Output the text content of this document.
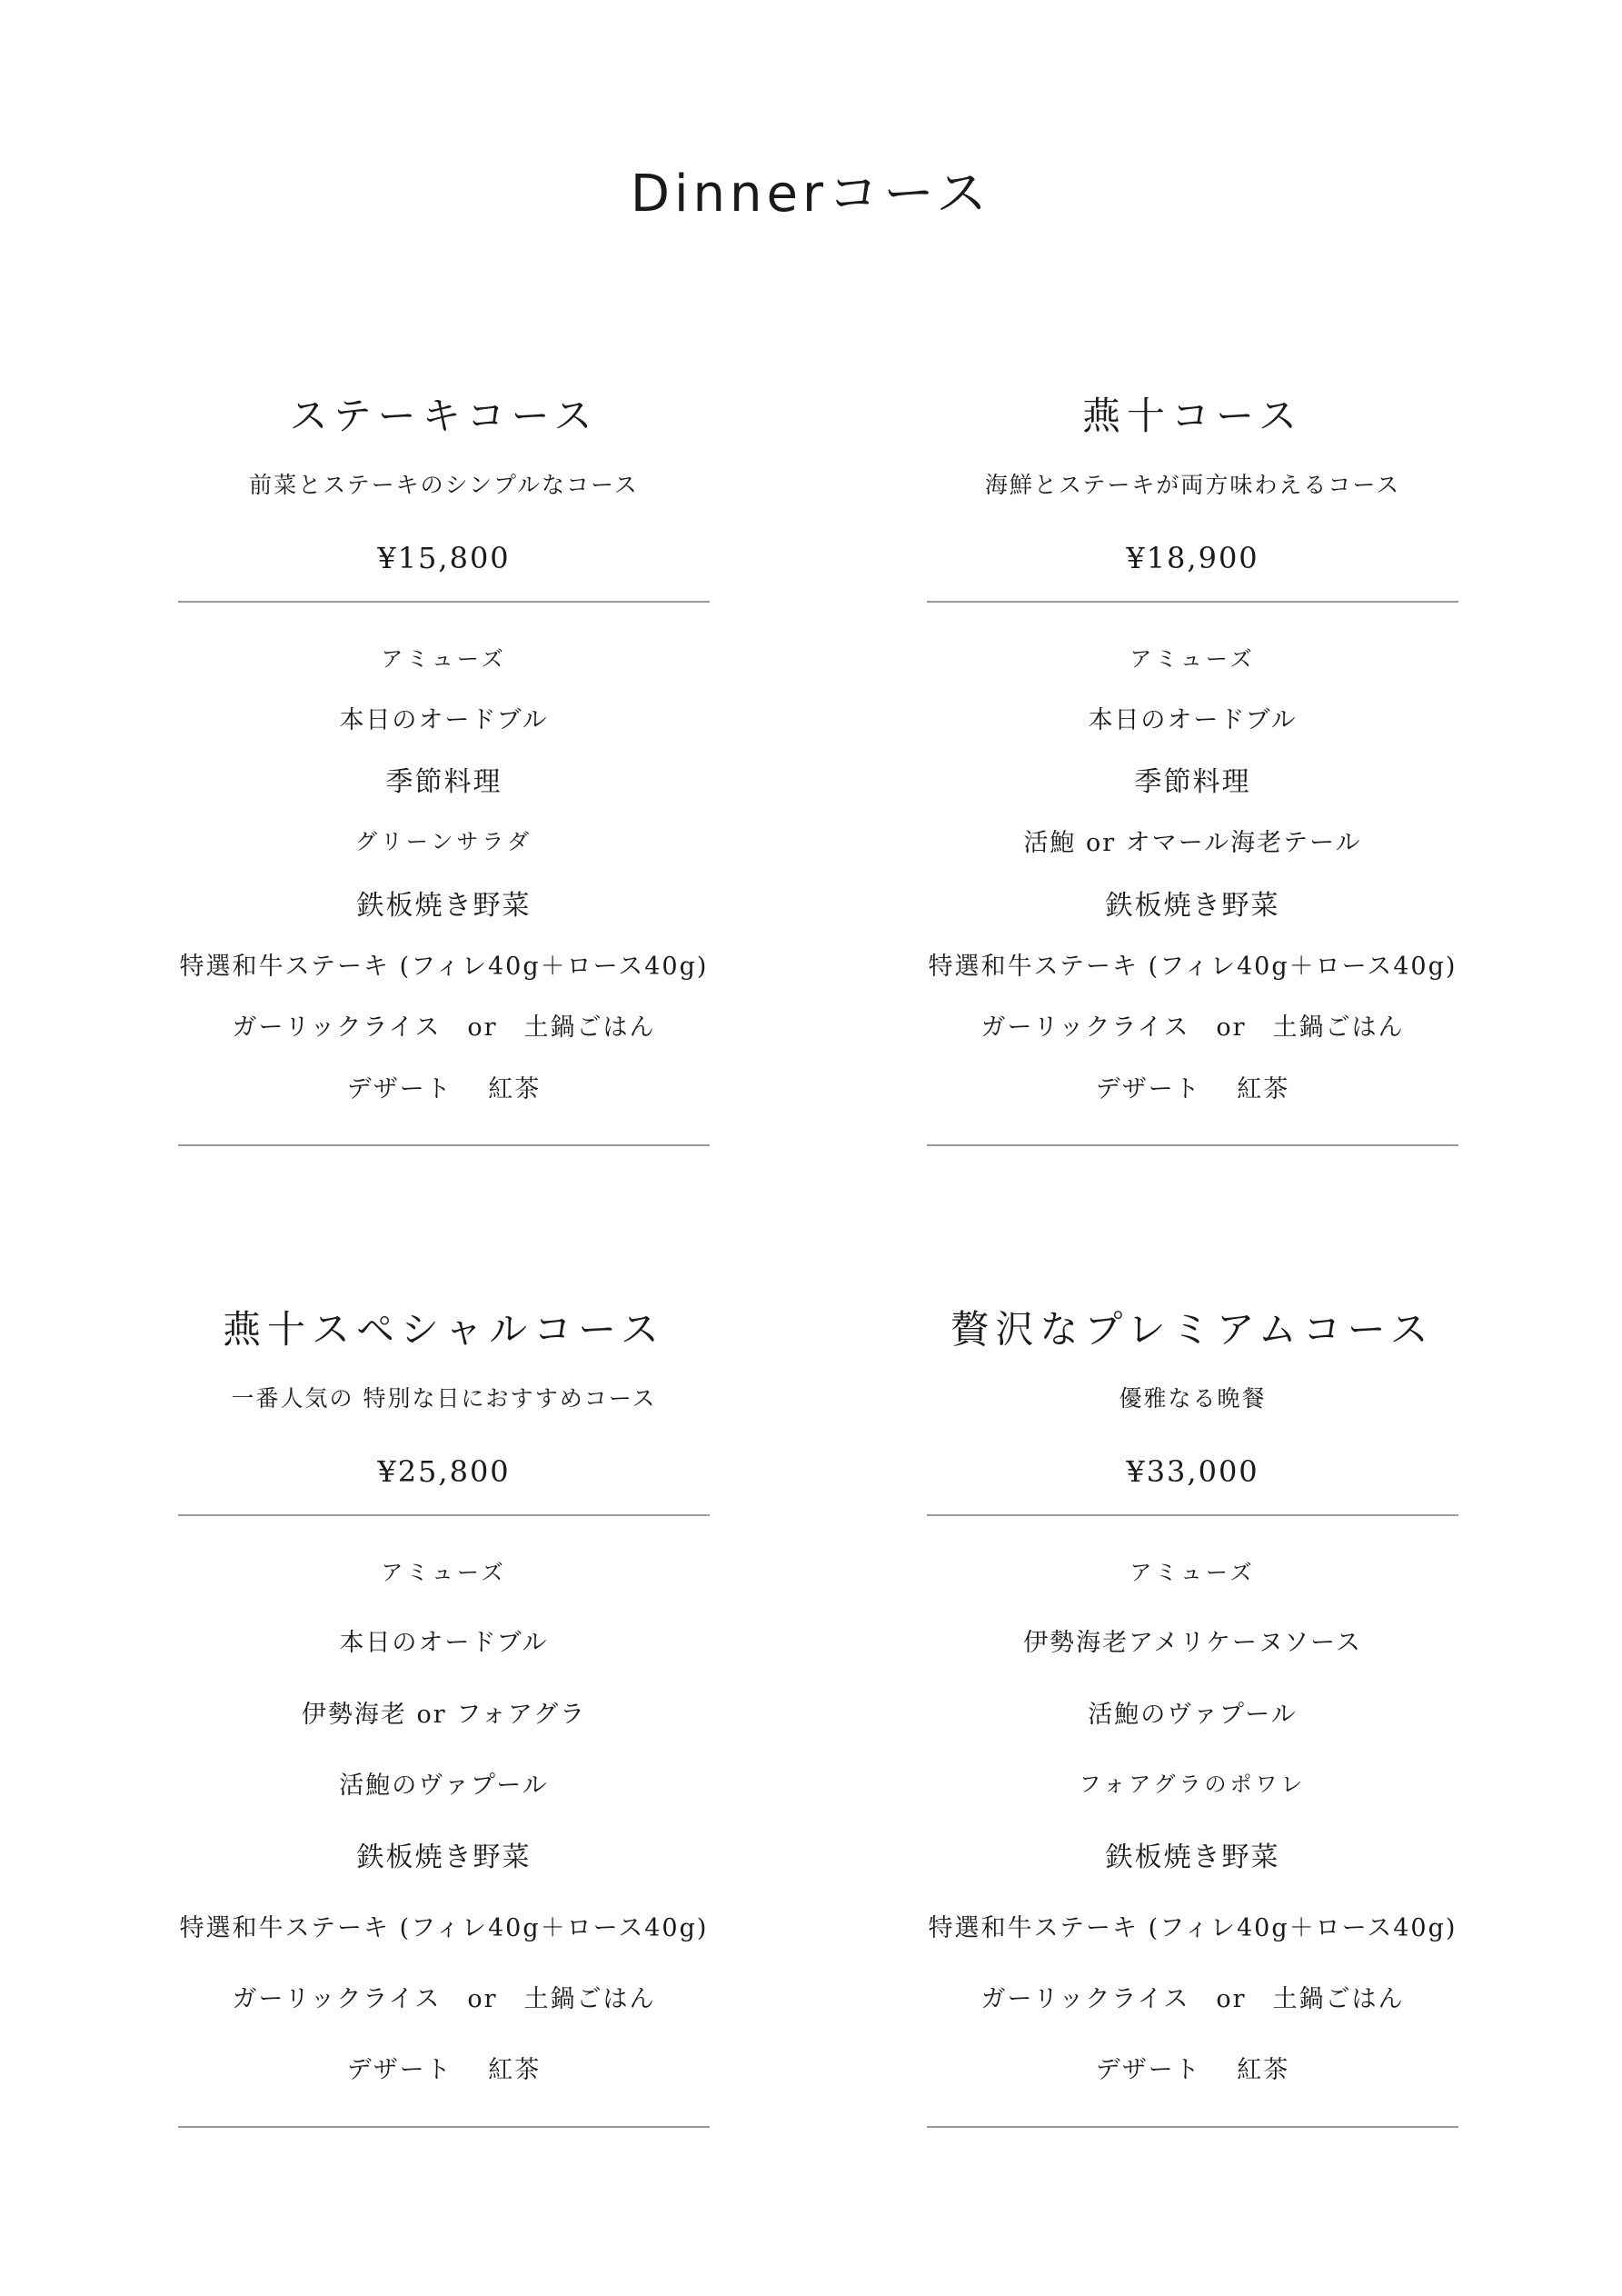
Dinnerコース
ステーキコース
前菜とステーキのシンプルなコース
¥15,800
アミューズ
本日のオードブル
季節料理
グリーンサラダ
鉄板焼き野菜
特選和牛ステーキ (フィレ40g＋ロース40g)
ガーリックライス　or　土鍋ごはん
デザート　 紅茶
燕十コース
海鮮とステーキが両方味わえるコース
¥18,900
アミューズ
本日のオードブル
季節料理
活鮑 or オマール海老テール
鉄板焼き野菜
特選和牛ステーキ (フィレ40g＋ロース40g)
ガーリックライス　or　土鍋ごはん
デザート　 紅茶
燕十スペシャルコース
一番人気の 特別な日におすすめコース
¥25,800
アミューズ
本日のオードブル
伊勢海老 or フォアグラ
活鮑のヴァプール
鉄板焼き野菜
特選和牛ステーキ (フィレ40g＋ロース40g)
ガーリックライス　or　土鍋ごはん
デザート　 紅茶
贅沢なプレミアムコース
優雅なる晩餐
¥33,000
アミューズ
伊勢海老アメリケーヌソース
活鮑のヴァプール
フォアグラのポワレ
鉄板焼き野菜
特選和牛ステーキ (フィレ40g＋ロース40g)
ガーリックライス　or　土鍋ごはん
デザート　 紅茶
